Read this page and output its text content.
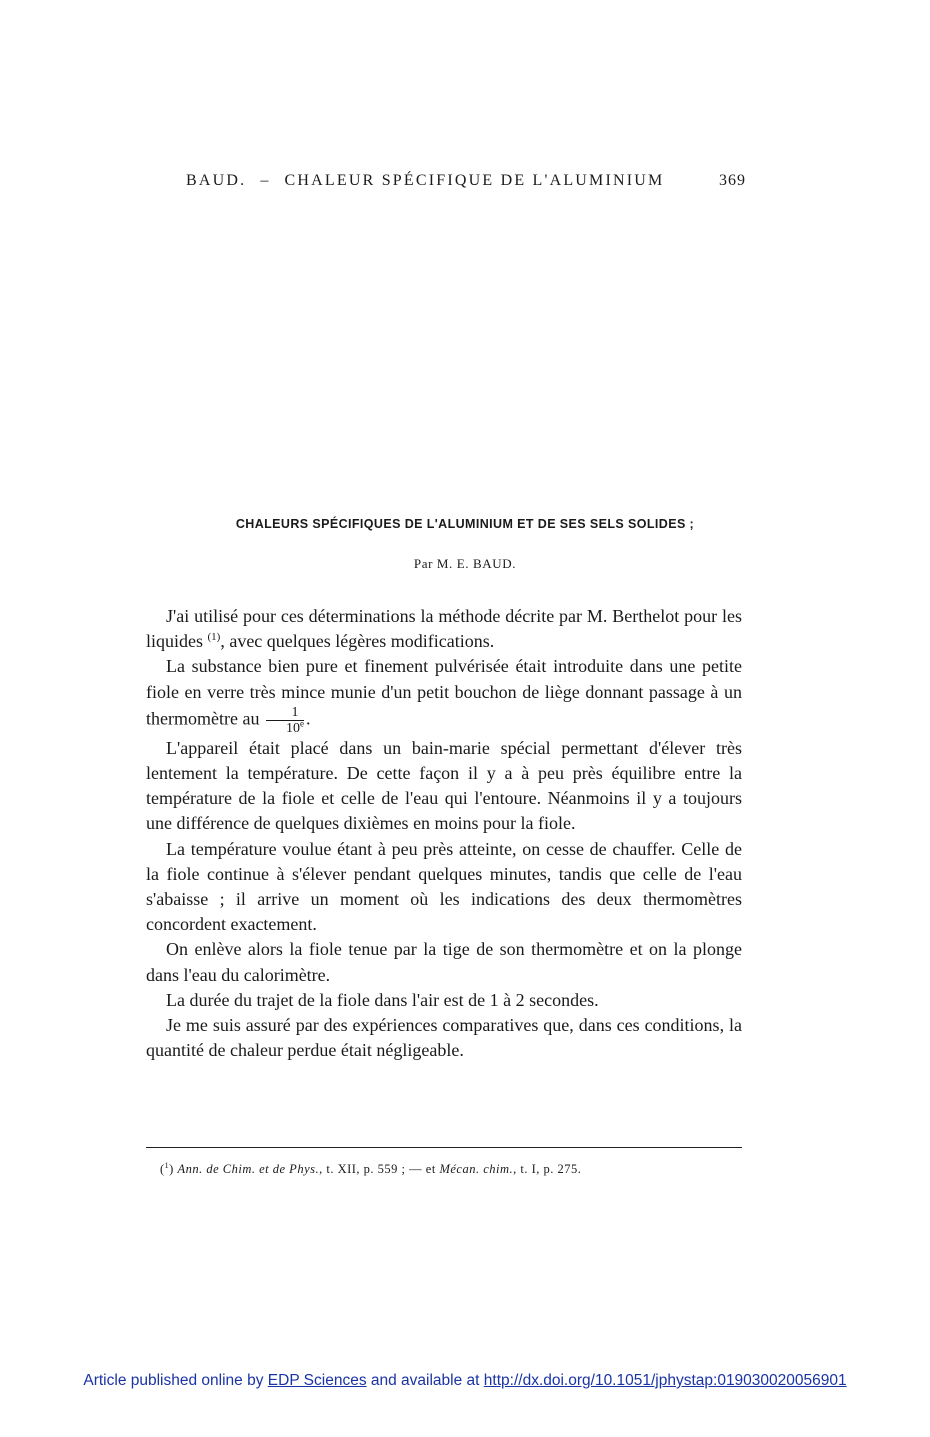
BAUD. – CHALEUR SPÉCIFIQUE DE L'ALUMINIUM	369
CHALEURS SPÉCIFIQUES DE L'ALUMINIUM ET DE SES SELS SOLIDES ;
Par M. E. BAUD.

J'ai utilisé pour ces déterminations la méthode décrite par M. Berthelot pour les liquides $^{(1)}$, avec quelques légères modifications.

La substance bien pure et finement pulvérisée était introduite dans une petite fiole en verre très mince munie d'un petit bouchon de liège donnant passage à un thermomètre au $\frac{1}{10^e}$ .

L'appareil était placé dans un bain-marie spécial permettant d'élever très lentement la température. De cette façon il y a à peu près équilibre entre la température de la fiole et celle de l'eau qui l'entoure. Néanmoins il y a toujours une différence de quelques dixièmes en moins pour la fiole.

La température voulue étant à peu près atteinte, on cesse de chauffer. Celle de la fiole continue à s'élever pendant quelques minutes, tandis que celle de l'eau s'abaisse ; il arrive un moment où les indications des deux thermomètres concordent exactement.

On enlève alors la fiole tenue par la tige de son thermomètre et on la plonge dans l'eau du calorimètre.

La durée du trajet de la fiole dans l'air est de 1 à 2 secondes.

Je me suis assuré par des expériences comparatives que, dans ces conditions, la quantité de chaleur perdue était négligeable.

($^1$) Ann. de Chim. et de Phys., t. XII, p. 559 ; — et Mécan. chim., t. I, p. 275.
Article published online by EDP Sciences and available at http://dx.doi.org/10.1051/jphystap:019030020056901
